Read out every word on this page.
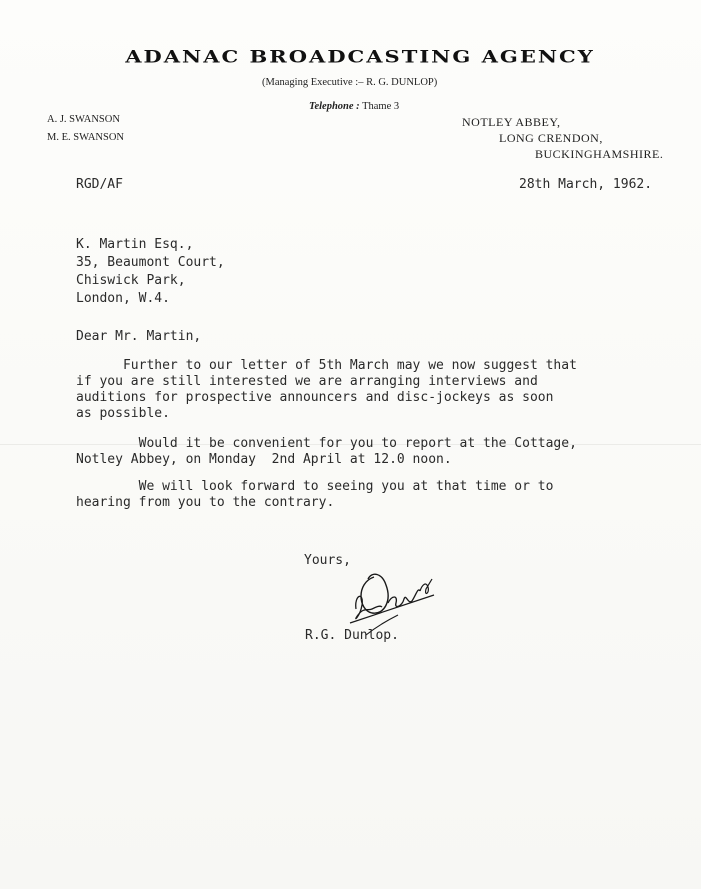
ADANAC BROADCASTING AGENCY
(Managing Executive :– R. G. DUNLOP)
Telephone : Thame 3
A. J. SWANSON
M. E. SWANSON
NOTLEY ABBEY,
LONG CRENDON,
BUCKINGHAMSHIRE.
RGD/AF	28th March, 1962.
K. Martin Esq.,
35, Beaumont Court,
Chiswick Park,
London, W.4.
Dear Mr. Martin,
Further to our letter of 5th March may we now suggest that
if you are still interested we are arranging interviews and
auditions for prospective announcers and disc-jockeys as soon
as possible.
Would it be convenient for you to report at the Cottage,
Notley Abbey, on Monday  2nd April at 12.0 noon.
We will look forward to seeing you at that time or to
hearing from you to the contrary.
Yours,
R.G. Dunlop.
